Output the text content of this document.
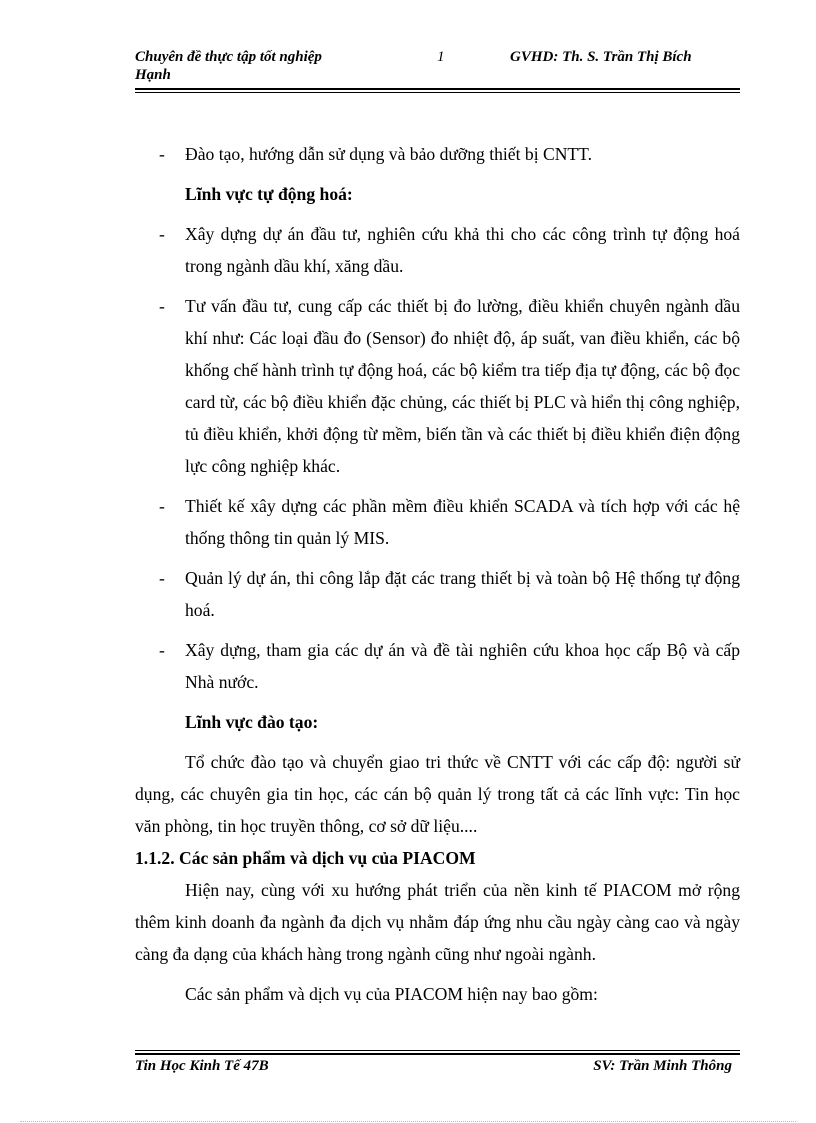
Chuyên đề thực tập tốt nghiệp	1	GVHD: Th. S. Trần Thị Bích
Hạnh
- Đào tạo, hướng dẫn sử dụng và bảo dưỡng thiết bị CNTT.
Lĩnh vực tự động hoá:
- Xây dựng dự án đầu tư, nghiên cứu khả thi cho các công trình tự động hoá trong ngành dầu khí, xăng dầu.
- Tư vấn đầu tư, cung cấp các thiết bị đo lường, điều khiển chuyên ngành dầu khí như: Các loại đầu đo (Sensor) đo nhiệt độ, áp suất, van điều khiển, các bộ khống chế hành trình tự động hoá, các bộ kiểm tra tiếp địa tự động, các bộ đọc card từ, các bộ điều khiển đặc chủng, các thiết bị PLC và hiển thị công nghiệp, tủ điều khiển, khởi động từ mềm, biến tần và các thiết bị điều khiển điện động lực công nghiệp khác.
- Thiết kế xây dựng các phần mềm điều khiển SCADA và tích hợp với các hệ thống thông tin quản lý MIS.
- Quản lý dự án, thi công lắp đặt các trang thiết bị và toàn bộ Hệ thống tự động hoá.
- Xây dựng, tham gia các dự án và đề tài nghiên cứu khoa học cấp Bộ và cấp Nhà nước.
Lĩnh vực đào tạo:
Tổ chức đào tạo và chuyển giao tri thức về CNTT với các cấp độ: người sử dụng, các chuyên gia tin học, các cán bộ quản lý trong tất cả các lĩnh vực: Tin học văn phòng, tin học truyền thông, cơ sở dữ liệu....
1.1.2. Các sản phẩm và dịch vụ của PIACOM
Hiện nay, cùng với xu hướng phát triển của nền kinh tế PIACOM mở rộng thêm kinh doanh đa ngành đa dịch vụ nhằm đáp ứng nhu cầu ngày càng cao và ngày càng đa dạng của khách hàng trong ngành cũng như ngoài ngành.
Các sản phẩm và dịch vụ của PIACOM hiện nay bao gồm:
Tin Học Kinh Tế 47B	SV: Trần Minh Thông
